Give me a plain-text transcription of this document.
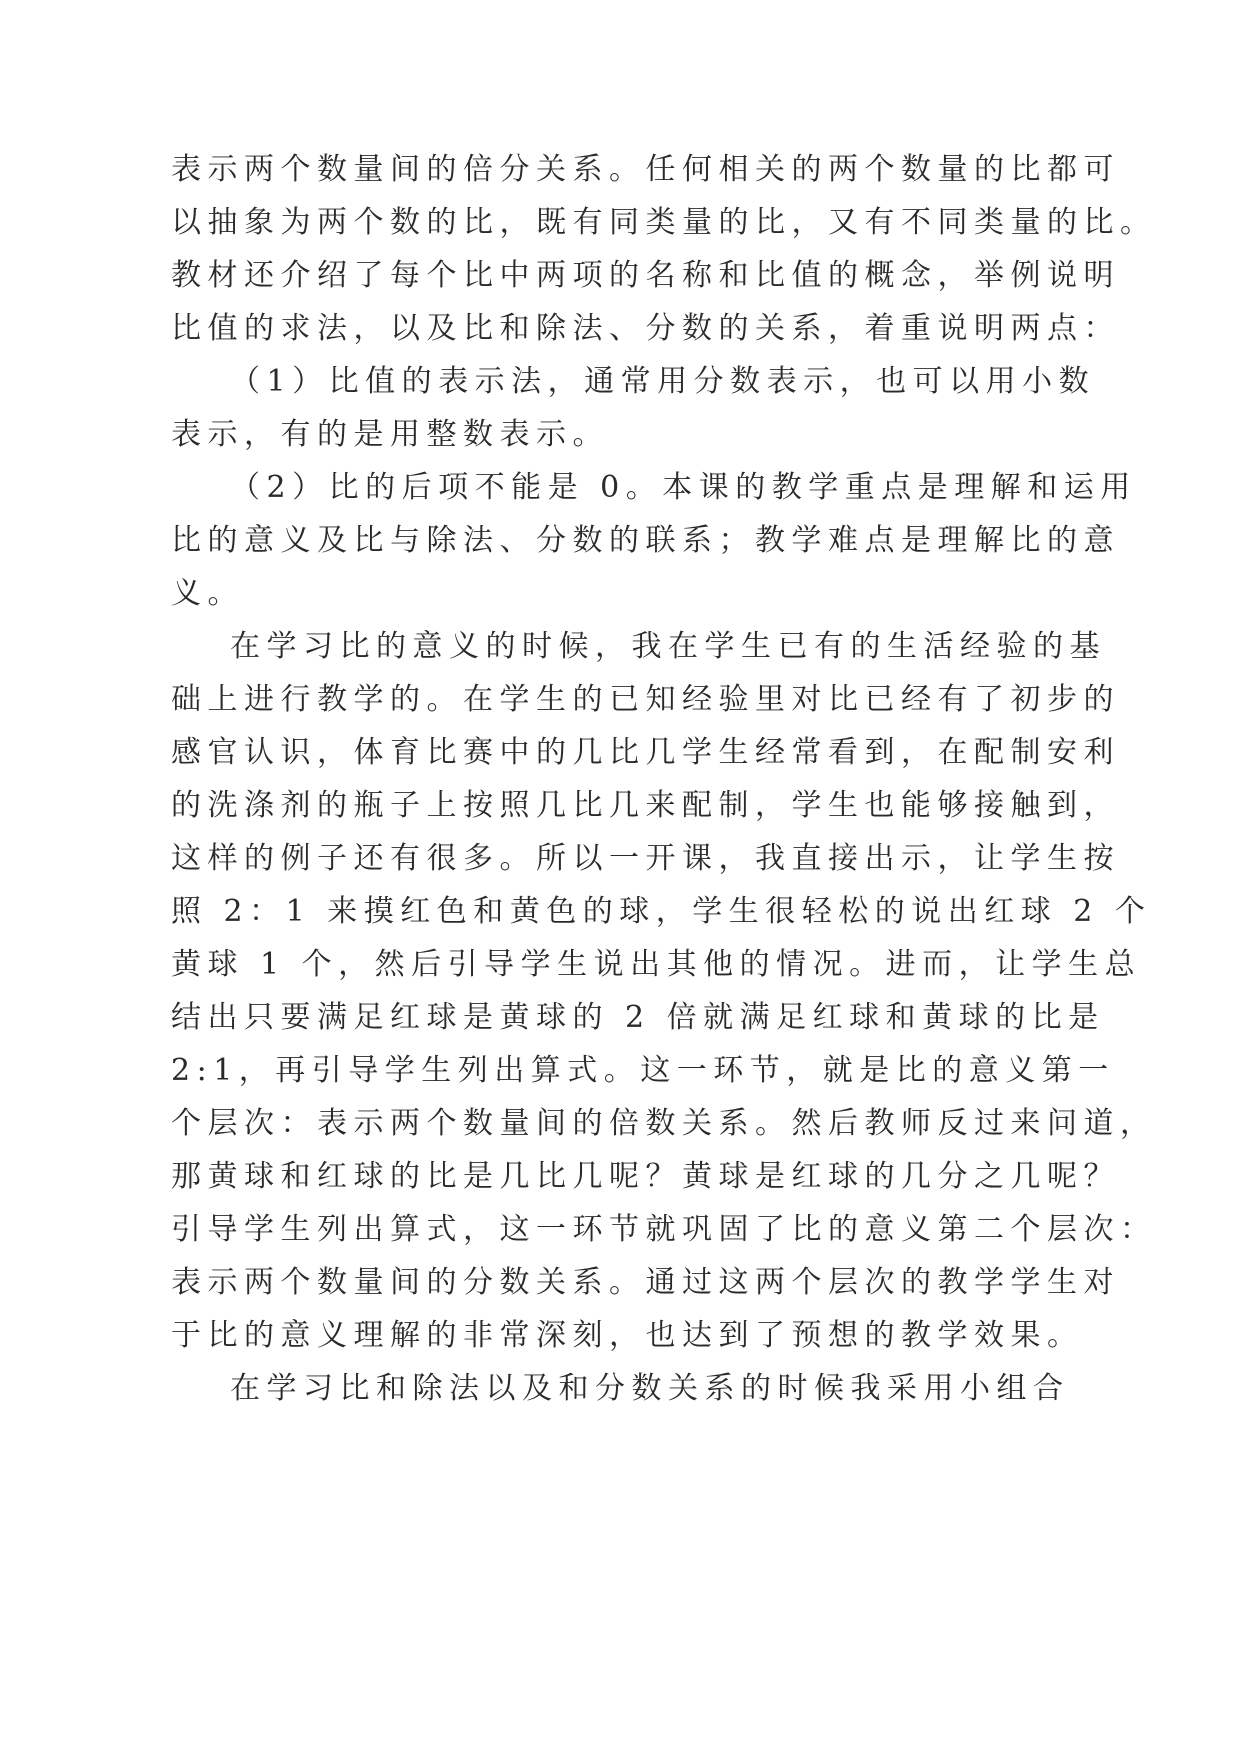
表示两个数量间的倍分关系。任何相关的两个数量的比都可
以抽象为两个数的比，既有同类量的比，又有不同类量的比。
教材还介绍了每个比中两项的名称和比值的概念，举例说明
比值的求法，以及比和除法、分数的关系，着重说明两点：
（1）比值的表示法，通常用分数表示，也可以用小数
表示，有的是用整数表示。
（2）比的后项不能是 0。本课的教学重点是理解和运用
比的意义及比与除法、分数的联系；教学难点是理解比的意
义。
在学习比的意义的时候，我在学生已有的生活经验的基
础上进行教学的。在学生的已知经验里对比已经有了初步的
感官认识，体育比赛中的几比几学生经常看到，在配制安利
的洗涤剂的瓶子上按照几比几来配制，学生也能够接触到，
这样的例子还有很多。所以一开课，我直接出示，让学生按
照 2：1 来摸红色和黄色的球，学生很轻松的说出红球 2 个
黄球 1 个，然后引导学生说出其他的情况。进而，让学生总
结出只要满足红球是黄球的 2 倍就满足红球和黄球的比是
2:1，再引导学生列出算式。这一环节，就是比的意义第一
个层次：表示两个数量间的倍数关系。然后教师反过来问道，
那黄球和红球的比是几比几呢？黄球是红球的几分之几呢？
引导学生列出算式，这一环节就巩固了比的意义第二个层次：
表示两个数量间的分数关系。通过这两个层次的教学学生对
于比的意义理解的非常深刻，也达到了预想的教学效果。
在学习比和除法以及和分数关系的时候我采用小组合
